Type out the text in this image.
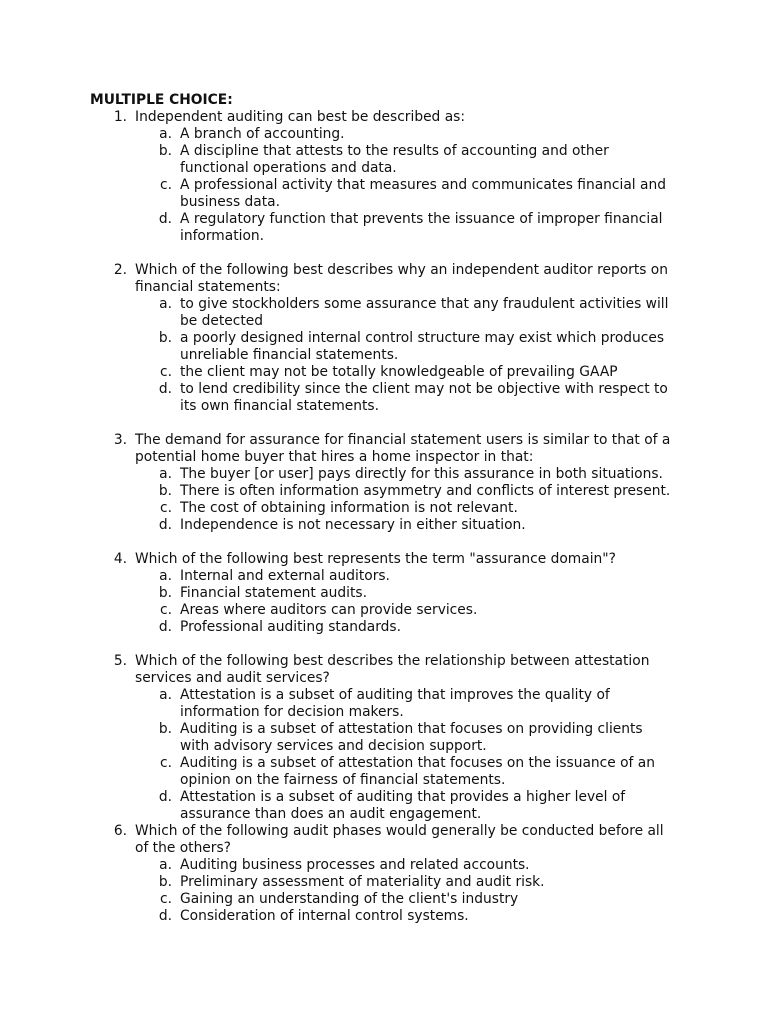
MULTIPLE CHOICE:
1. Independent auditing can best be described as:
a. A branch of accounting.
b. A discipline that attests to the results of accounting and other functional operations and data.
c. A professional activity that measures and communicates financial and business data.
d. A regulatory function that prevents the issuance of improper financial information.
2. Which of the following best describes why an independent auditor reports on financial statements:
a. to give stockholders some assurance that any fraudulent activities will be detected
b. a poorly designed internal control structure may exist which produces unreliable financial statements.
c. the client may not be totally knowledgeable of prevailing GAAP
d. to lend credibility since the client may not be objective with respect to its own financial statements.
3. The demand for assurance for financial statement users is similar to that of a potential home buyer that hires a home inspector in that:
a. The buyer [or user] pays directly for this assurance in both situations.
b. There is often information asymmetry and conflicts of interest present.
c. The cost of obtaining information is not relevant.
d. Independence is not necessary in either situation.
4. Which of the following best represents the term "assurance domain"?
a. Internal and external auditors.
b. Financial statement audits.
c. Areas where auditors can provide services.
d. Professional auditing standards.
5. Which of the following best describes the relationship between attestation services and audit services?
a. Attestation is a subset of auditing that improves the quality of information for decision makers.
b. Auditing is a subset of attestation that focuses on providing clients with advisory services and decision support.
c. Auditing is a subset of attestation that focuses on the issuance of an opinion on the fairness of financial statements.
d. Attestation is a subset of auditing that provides a higher level of assurance than does an audit engagement.
6. Which of the following audit phases would generally be conducted before all of the others?
a. Auditing business processes and related accounts.
b. Preliminary assessment of materiality and audit risk.
c. Gaining an understanding of the client's industry
d. Consideration of internal control systems.
